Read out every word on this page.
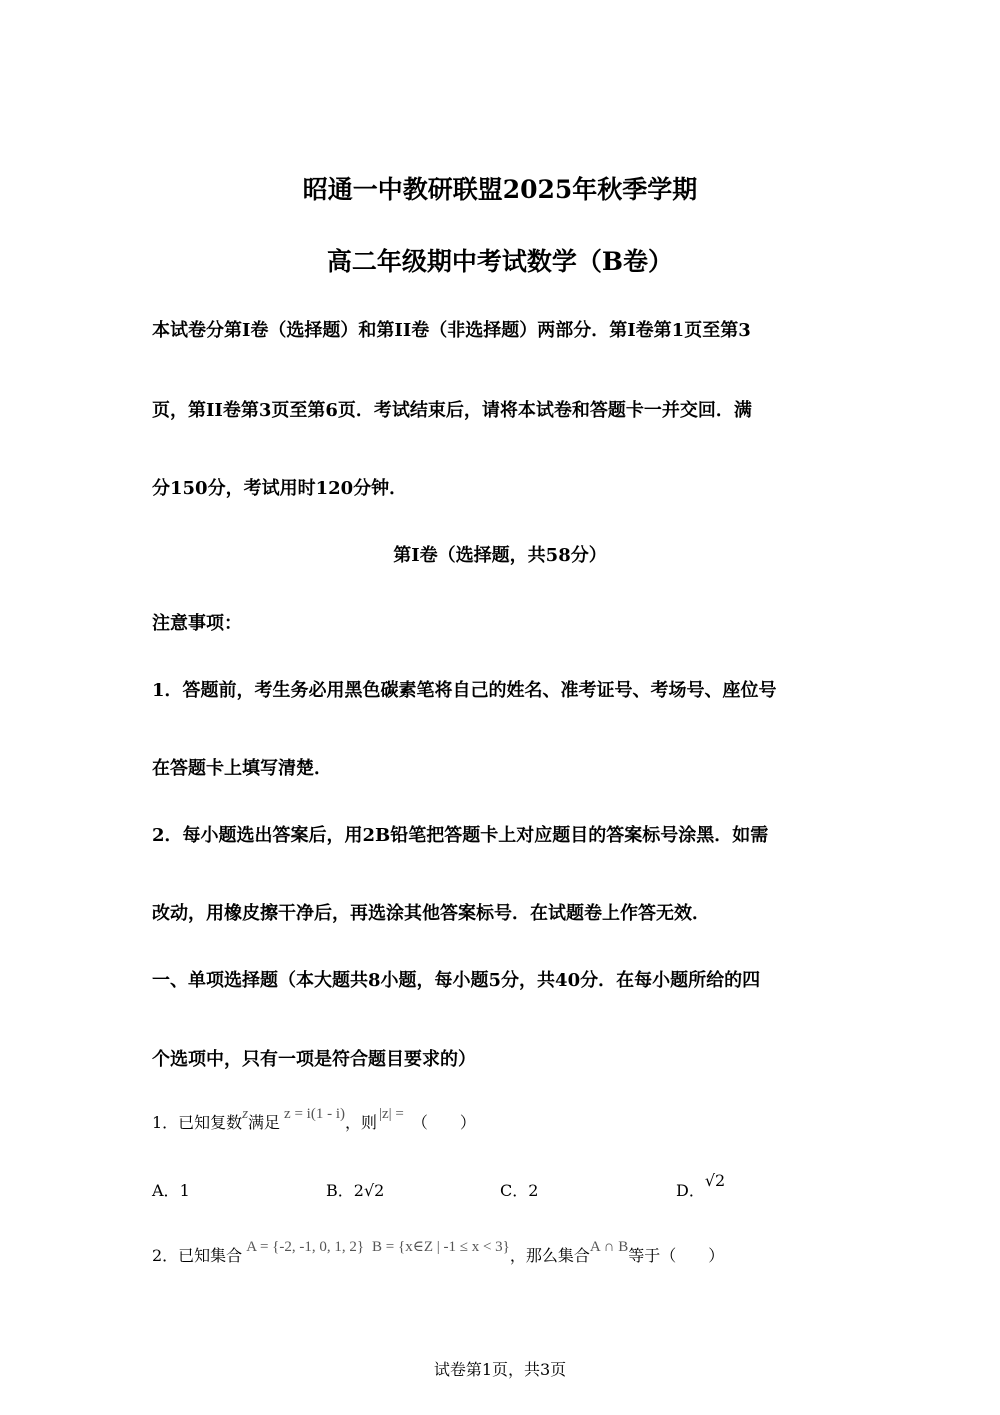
昭通一中教研联盟2025年秋季学期
高二年级期中考试数学（B卷）
本试卷分第I卷（选择题）和第II卷（非选择题）两部分．第I卷第1页至第3
页，第II卷第3页至第6页．考试结束后，请将本试卷和答题卡一并交回．满
分150分，考试用时120分钟．
第I卷（选择题，共58分）
注意事项：
1．答题前，考生务必用黑色碳素笔将自己的姓名、准考证号、考场号、座位号
在答题卡上填写清楚．
2．每小题选出答案后，用2B铅笔把答题卡上对应题目的答案标号涂黑．如需
改动，用橡皮擦干净后，再选涂其他答案标号．在试题卷上作答无效．
一、单项选择题（本大题共8小题，每小题5分，共40分．在每小题所给的四
个选项中，只有一项是符合题目要求的）
1．已知复数z满足 z = i(1 - i)，则 |z| = （　　）
A．1	B．2√2	C．2	D．√2
2．已知集合 A = {-2, -1, 0, 1, 2} B = {x∈Z | -1 ≤ x < 3}，那么集合A ∩ B等于（　　）
试卷第1页，共3页
